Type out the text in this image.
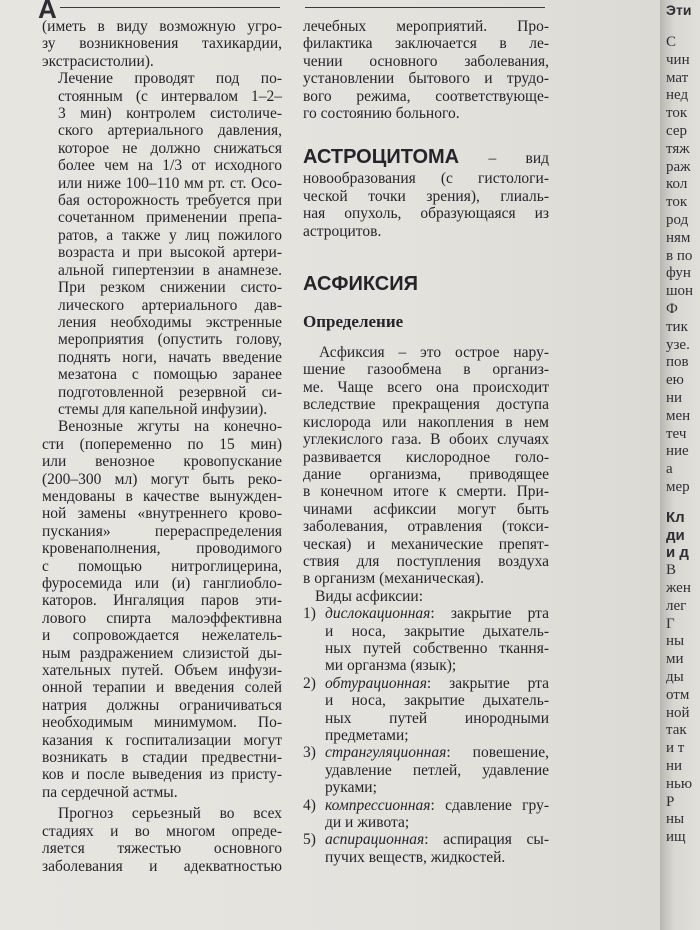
А

(иметь в виду возможную угро-
зу возникновения тахикардии,
экстрасистолии).

Лечение проводят под по-
стоянным (с интервалом 1–2–
3 мин) контролем систоличе-
ского артериального давления,
которое не должно снижаться
более чем на 1/3 от исходного
или ниже 100–110 мм рт. ст. Осо-
бая осторожность требуется при
сочетанном применении препа-
ратов, а также у лиц пожилого
возраста и при высокой артери-
альной гипертензии в анамнезе.
При резком снижении систо-
лического артериального дав-
ления необходимы экстренные
мероприятия (опустить голову,
поднять ноги, начать введение
мезатона с помощью заранее
подготовленной резервной си-
стемы для капельной инфузии).

Венозные жгуты на конечно-
сти (попеременно по 15 мин)
или венозное кровопускание
(200–300 мл) могут быть реко-
мендованы в качестве вынужден-
ной замены «внутреннего крово-
пускания» перераспределения
кровенаполнения, проводимого
с помощью нитроглицерина,
фуросемида или (и) ганглиобло-
каторов. Ингаляция паров эти-
лового спирта малоэффективна
и сопровождается нежелатель-
ным раздражением слизистой ды-
хательных путей. Объем инфузи-
онной терапии и введения солей
натрия должны ограничиваться
необходимым минимумом. По-
казания к госпитализации могут
возникать в стадии предвестни-
ков и после выведения из присту-
па сердечной астмы.

Прогноз серьезный во всех
стадиях и во многом опреде-
ляется тяжестью основного
заболевания и адекватностью

лечебных мероприятий. Про-
филактика заключается в ле-
чении основного заболевания,
установлении бытового и трудо-
вого режима, соответствующе-
го состоянию больного.

АСТРОЦИТОМА – вид
новообразования (с гистологи-
ческой точки зрения), глиаль-
ная опухоль, образующаяся из
астроцитов.

АСФИКСИЯ
Определение

Асфиксия – это острое нару-
шение газообмена в организ-
ме. Чаще всего она происходит
вследствие прекращения доступа
кислорода или накопления в нем
углекислого газа. В обоих случаях
развивается кислородное голо-
дание организма, приводящее
в конечном итоге к смерти. При-
чинами асфиксии могут быть
заболевания, отравления (токси-
ческая) и механические препят-
ствия для поступления воздуха
в организм (механическая).

Виды асфиксии:

1) дислокационная: закрытие рта
и носа, закрытие дыхатель-
ных путей собственно ткання-
ми органзма (язык);
2) обтурационная: закрытие рта
и носа, закрытие дыхатель-
ных путей инородными
предметами;
3) странгуляционная: повешение,
удавление петлей, удавление
руками;
4) компрессионная: сдавление гру-
ди и живота;
5) аспирационная: аспирация сы-
пучих веществ, жидкостей.
Эти
С
чин
мат
нед
ток
сер
тяж
раж
кол
ток
род
ням
в по
фун
шон
Ф
тик
узе.
пов
ею
ни
мен
теч
ние
а
мер
Кл
ди
и д
В
жен
лег
Г
ны
ми
ды
отм
ной
так
и т
ни
нью
Р
ны
ищ
